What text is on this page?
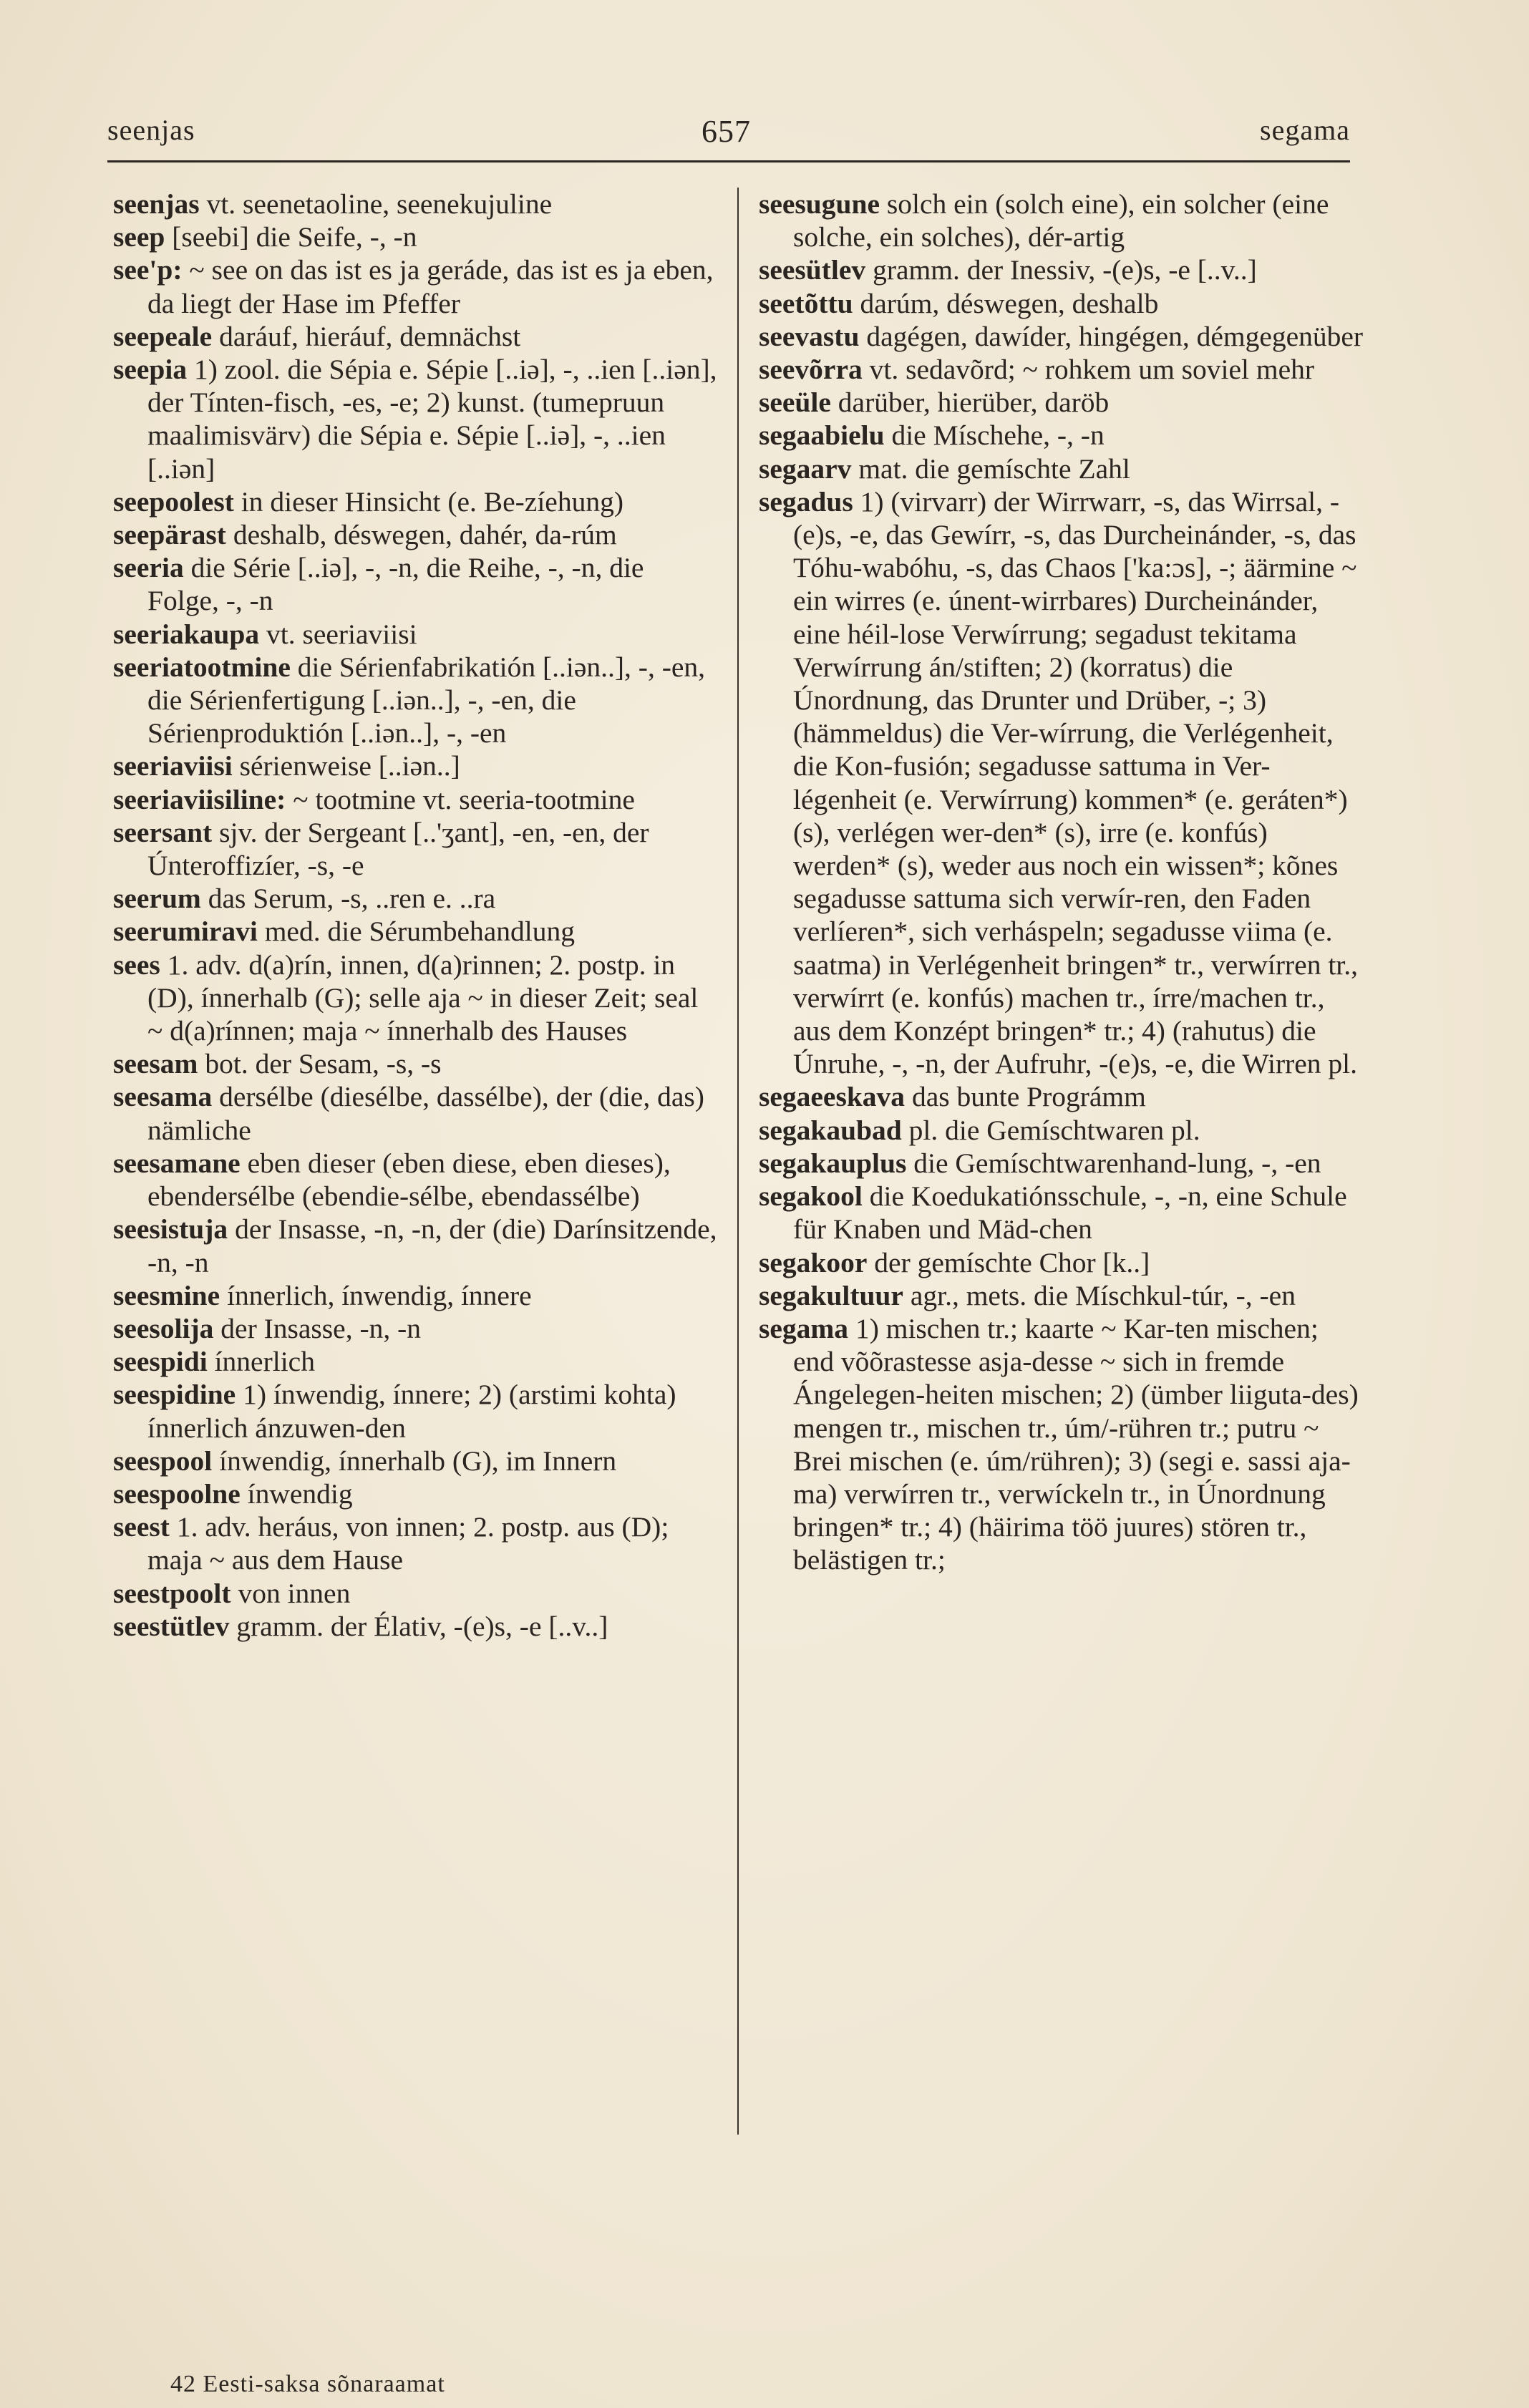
seenjas	657	segama

seenjas vt. seenetaoline, seenekujuline

seep [seebi] die Seife, -, -n

see'p: ~ see on das ist es ja geráde, das ist es ja eben, da liegt der Hase im Pfeffer

seepeale daráuf, hieráuf, demnächst

seepia 1) zool. die Sépia e. Sépie [..iə], -, ..ien [..iən], der Tínten-fisch, -es, -e; 2) kunst. (tumepruun maalimisvärv) die Sépia e. Sépie [..iə], -, ..ien [..iən]

seepoolest in dieser Hinsicht (e. Be-zíehung)

seepärast deshalb, déswegen, dahér, da-rúm

seeria die Série [..iə], -, -n, die Reihe, -, -n, die Folge, -, -n

seeriakaupa vt. seeriaviisi

seeriatootmine die Sérienfabrikatión [..iən..], -, -en, die Sérienfertigung [..iən..], -, -en, die Sérienproduktión [..iən..], -, -en

seeriaviisi sérienweise [..iən..]

seeriaviisiline: ~ tootmine vt. seeria-tootmine

seersant sjv. der Sergeant [..'ʒant], -en, -en, der Únteroffizíer, -s, -e

seerum das Serum, -s, ..ren e. ..ra

seerumiravi med. die Sérumbehandlung

sees 1. adv. d(a)rín, innen, d(a)rinnen; 2. postp. in (D), ínnerhalb (G); selle aja ~ in dieser Zeit; seal ~ d(a)rínnen; maja ~ ínnerhalb des Hauses

seesam bot. der Sesam, -s, -s

seesama dersélbe (diesélbe, dassélbe), der (die, das) nämliche

seesamane eben dieser (eben diese, eben dieses), ebendersélbe (ebendie-sélbe, ebendassélbe)

seesistuja der Insasse, -n, -n, der (die) Darínsitzende, -n, -n

seesmine ínnerlich, ínwendig, ínnere

seesolija der Insasse, -n, -n

seespidi ínnerlich

seespidine 1) ínwendig, ínnere; 2) (arstimi kohta) ínnerlich ánzuwen-den

seespool ínwendig, ínnerhalb (G), im Innern

seespoolne ínwendig

seest 1. adv. heráus, von innen; 2. postp. aus (D); maja ~ aus dem Hause

seestpoolt von innen

seestütlev gramm. der Élativ, -(e)s, -e [..v..]

seesugune solch ein (solch eine), ein solcher (eine solche, ein solches), dér-artig

seesütlev gramm. der Inessiv, -(e)s, -e [..v..]

seetõttu darúm, déswegen, deshalb

seevastu dagégen, dawíder, hingégen, démgegenüber

seevõrra vt. sedavõrd; ~ rohkem um soviel mehr

seeüle darüber, hierüber, daröb

segaabielu die Míschehe, -, -n

segaarv mat. die gemíschte Zahl

segadus 1) (virvarr) der Wirrwarr, -s, das Wirrsal, -(e)s, -e, das Gewírr, -s, das Durcheinánder, -s, das Tóhu-wabóhu, -s, das Chaos ['ka:ɔs], -; äärmine ~ ein wirres (e. únent-wirrbares) Durcheinánder, eine héil-lose Verwírrung; segadust tekitama Verwírrung án/stiften; 2) (korratus) die Únordnung, das Drunter und Drüber, -; 3) (hämmeldus) die Ver-wírrung, die Verlégenheit, die Kon-fusión; segadusse sattuma in Ver-légenheit (e. Verwírrung) kommen* (e. geráten*) (s), verlégen wer-den* (s), irre (e. konfús) werden* (s), weder aus noch ein wissen*; kõnes segadusse sattuma sich verwír-ren, den Faden verlíeren*, sich verháspeln; segadusse viima (e. saatma) in Verlégenheit bringen* tr., verwírren tr., verwírrt (e. konfús) machen tr., írre/machen tr., aus dem Konzépt bringen* tr.; 4) (rahutus) die Únruhe, -, -n, der Aufruhr, -(e)s, -e, die Wirren pl.

segaeeskava das bunte Prográmm

segakaubad pl. die Gemíschtwaren pl.

segakauplus die Gemíschtwarenhand-lung, -, -en

segakool die Koedukatiónsschule, -, -n, eine Schule für Knaben und Mäd-chen

segakoor der gemíschte Chor [k..]

segakultuur agr., mets. die Míschkul-túr, -, -en

segama 1) mischen tr.; kaarte ~ Kar-ten mischen; end võõrastesse asja-desse ~ sich in fremde Ángelegen-heiten mischen; 2) (ümber liiguta-des) mengen tr., mischen tr., úm/-rühren tr.; putru ~ Brei mischen (e. úm/rühren); 3) (segi e. sassi aja-ma) verwírren tr., verwíckeln tr., in Únordnung bringen* tr.; 4) (häirima töö juures) stören tr., belästigen tr.;

42 Eesti-saksa sõnaraamat
